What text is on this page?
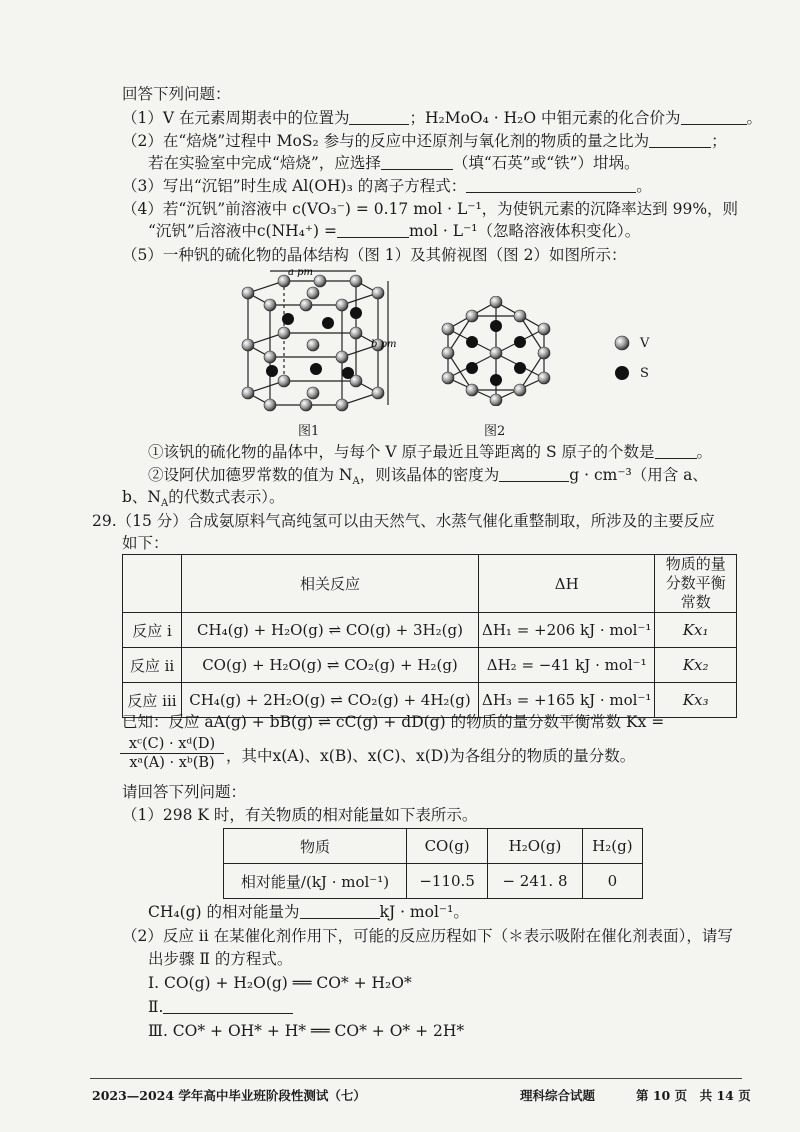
回答下列问题：
（1）V 在元素周期表中的位置为	；H₂MoO₄ · H₂O 中钼元素的化合价为	。
（2）在“焙烧”过程中 MoS₂ 参与的反应中还原剂与氧化剂的物质的量之比为	；
若在实验室中完成“焙烧”，应选择	（填“石英”或“铁”）坩埚。
（3）写出“沉铝”时生成 Al(OH)₃ 的离子方程式：	。
（4）若“沉钒”前溶液中 c(VO₃⁻) = 0.17 mol · L⁻¹，为使钒元素的沉降率达到 99%，则
“沉钒”后溶液中c(NH₄⁺) =	mol · L⁻¹（忽略溶液体积变化）。
（5）一种钒的硫化物的晶体结构（图 1）及其俯视图（图 2）如图所示：
a pm
b pm
图1	图2
V
S
①该钒的硫化物的晶体中，与每个 V 原子最近且等距离的 S 原子的个数是	。
②设阿伏加德罗常数的值为 $N_A$，则该晶体的密度为	g · cm⁻³（用含 a、
b、$N_A$的代数式表示）。
29.（15 分）合成氨原料气高纯氢可以由天然气、水蒸气催化重整制取，所涉及的主要反应
如下：
	相关反应	ΔH	物质的量分数平衡常数
反应 i	CH₄(g) + H₂O(g) ⇌ CO(g) + 3H₂(g)	ΔH₁ = +206 kJ · mol⁻¹	Kx₁
反应 ii	CO(g) + H₂O(g) ⇌ CO₂(g) + H₂(g)	ΔH₂ = −41 kJ · mol⁻¹	Kx₂
反应 iii	CH₄(g) + 2H₂O(g) ⇌ CO₂(g) + 4H₂(g)	ΔH₃ = +165 kJ · mol⁻¹	Kx₃
已知：反应 aA(g) + bB(g) ⇌ cC(g) + dD(g) 的物质的量分数平衡常数 Kx =
xᶜ(C) · xᵈ(D)
xᵃ(A) · xᵇ(B) ，其中x(A)、x(B)、x(C)、x(D)为各组分的物质的量分数。
请回答下列问题：
（1）298 K 时，有关物质的相对能量如下表所示。
物质	CO(g)	H₂O(g)	H₂(g)
相对能量/(kJ · mol⁻¹)	−110.5	− 241. 8	0
CH₄(g) 的相对能量为	kJ · mol⁻¹。
（2）反应 ii 在某催化剂作用下，可能的反应历程如下（＊表示吸附在催化剂表面），请写
出步骤 Ⅱ 的方程式。
Ⅰ. CO(g) + H₂O(g) ══ CO* + H₂O*
Ⅱ.
Ⅲ. CO* + OH* + H* ══ CO* + O* + 2H*
2023—2024 学年高中毕业班阶段性测试（七）	理科综合试题	第 10 页　共 14 页
